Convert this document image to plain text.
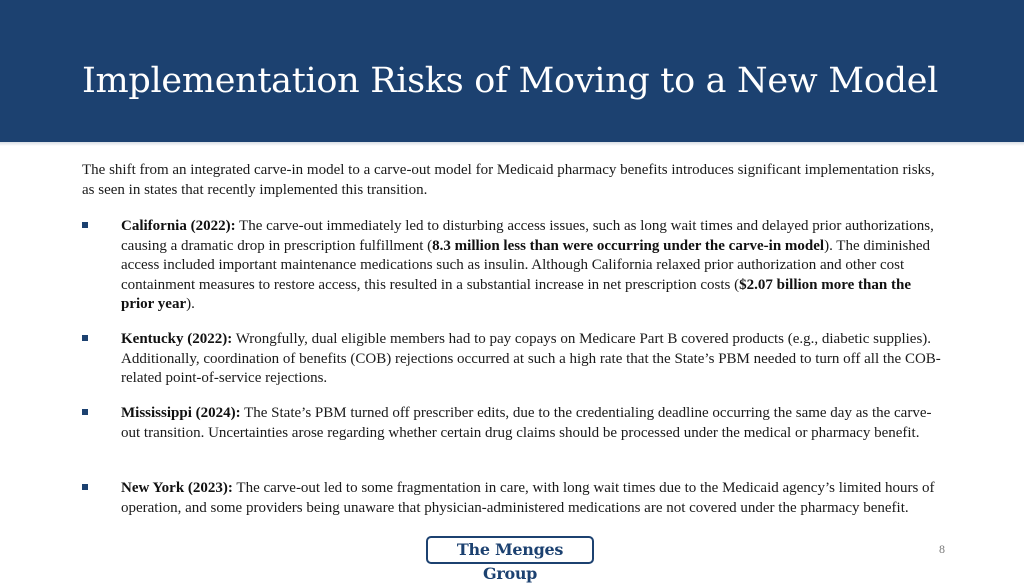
Implementation Risks of Moving to a New Model

The shift from an integrated carve-in model to a carve-out model for Medicaid pharmacy benefits introduces significant implementation risks, as seen in states that recently implemented this transition.

California (2022): The carve-out immediately led to disturbing access issues, such as long wait times and delayed prior authorizations, causing a dramatic drop in prescription fulfillment (8.3 million less than were occurring under the carve-in model). The diminished access included important maintenance medications such as insulin. Although California relaxed prior authorization and other cost containment measures to restore access, this resulted in a substantial increase in net prescription costs ($2.07 billion more than the prior year).
Kentucky (2022): Wrongfully, dual eligible members had to pay copays on Medicare Part B covered products (e.g., diabetic supplies). Additionally, coordination of benefits (COB) rejections occurred at such a high rate that the State’s PBM needed to turn off all the COB-related point-of-service rejections.
Mississippi (2024): The State’s PBM turned off prescriber edits, due to the credentialing deadline occurring the same day as the carve-out transition. Uncertainties arose regarding whether certain drug claims should be processed under the medical or pharmacy benefit.
New York (2023): The carve-out led to some fragmentation in care, with long wait times due to the Medicaid agency’s limited hours of operation, and some providers being unaware that physician-administered medications are not covered under the pharmacy benefit.
The Menges Group
8
